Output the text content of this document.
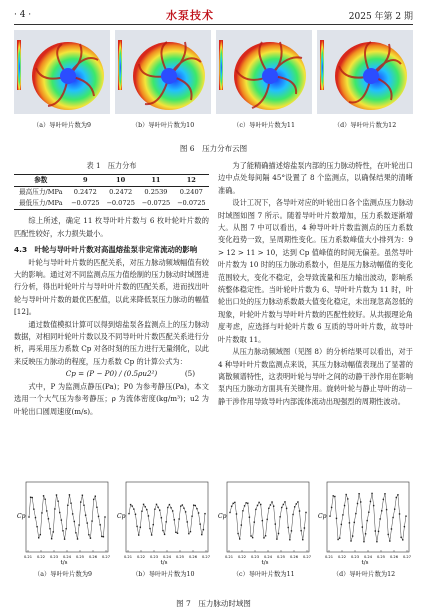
· 4 ·	水泵技术	2025 年第 2 期
（a）导叶叶片数为9	（b）导叶叶片数为10	（c）导叶叶片数为11	（d）导叶叶片数为12
图 6　压力分布云图
表 1　压力分布
参数	9	10	11	12
最高压力/MPa	0.2472	0.2472	0.2539	0.2407
最低压力/MPa	−0.0725	−0.0725	−0.0725	−0.0725

综上所述，确定 11 枚导叶叶片数与 6 枚叶轮叶片数的匹配性较好，水力损失最小。

4.3　叶轮与导叶叶片数对高温熔盐泵非定常流动的影响

叶轮与导叶叶片数的匹配关系，对压力脉动频域幅值有较大的影响。通过对不同监测点压力值绘制的压力脉动时域图进行分析，得出叶轮叶片与导叶叶片数的匹配关系，进而找出叶轮与导叶叶片数的最优匹配值，以此来降低泵压力脉动的幅值[12]。

通过数值模拟计算可以得到熔盐泵各监测点上的压力脉动数据，对相同叶轮叶片数以及不同导叶叶片数匹配关系进行分析，再采用压力系数 Cp 对各时刻的压力进行无量纲化，以此来反映压力脉动的程度，压力系数 Cp 的计算公式为：

Cp = (P − P0) / (0.5ρu2²)	(5)

式中，P 为监测点静压(Pa)；P0 为参考静压(Pa)，本文选用一个大气压为参考静压；ρ 为流体密度(kg/m³)；u2 为叶轮出口圆周速度(m/s)。

为了能精确描述熔盐泵内部的压力脉动特性，在叶轮出口边中点处每间隔 45°设置了 8 个监测点，以确保结果的清晰准确。

设计工况下，各导叶对应的叶轮出口各个监测点压力脉动时域图如图 7 所示。随着导叶叶片数增加，压力系数逐渐增大。从图 7 中可以看出，4 种导叶叶片数监测点的压力系数变化趋势一致，呈周期性变化。压力系数峰值大小排列为：9 > 12 > 11 > 10，达到 Cp 值峰值的时间无偏差。虽然导叶叶片数为 10 时的压力脉动系数小，但是压力脉动幅值的变化范围较大，变化不稳定，会导致流量和压力输出波动，影响系统整体稳定性。当叶轮叶片数为 6、导叶叶片数为 11 时，叶轮出口处的压力脉动系数最大值变化稳定，未出现忽高忽低的现象，叶轮叶片数与导叶叶片数的匹配性较好。从共振理论角度考虑，应选择与叶轮叶片数 6 互质的导叶叶片数，故导叶叶片数取 11。

从压力脉动频域图（见图 8）的分析结果可以看出，对于 4 种导叶叶片数监测点来说，其压力脉动幅值表现出了显著的离散频谱特性，这表明叶轮与导叶之间的动静干涉作用在影响泵内压力脉动方面具有关键作用。旋转叶轮与静止导叶的动－静干涉作用导致导叶内部流体流动出现强烈的周期性波动。

Cp
t/s
0.21 0.22 0.23 0.24 0.25 0.26 0.27
（a）导叶叶片数为9
Cp
t/s
0.21 0.22 0.23 0.24 0.25 0.26 0.27
（b）导叶叶片数为10
Cp
t/s
0.21 0.22 0.23 0.24 0.25 0.26 0.27
（c）导叶叶片数为11
Cp
t/s
0.21 0.22 0.23 0.24 0.25 0.26 0.27
（d）导叶叶片数为12
图 7　压力脉动时域图
